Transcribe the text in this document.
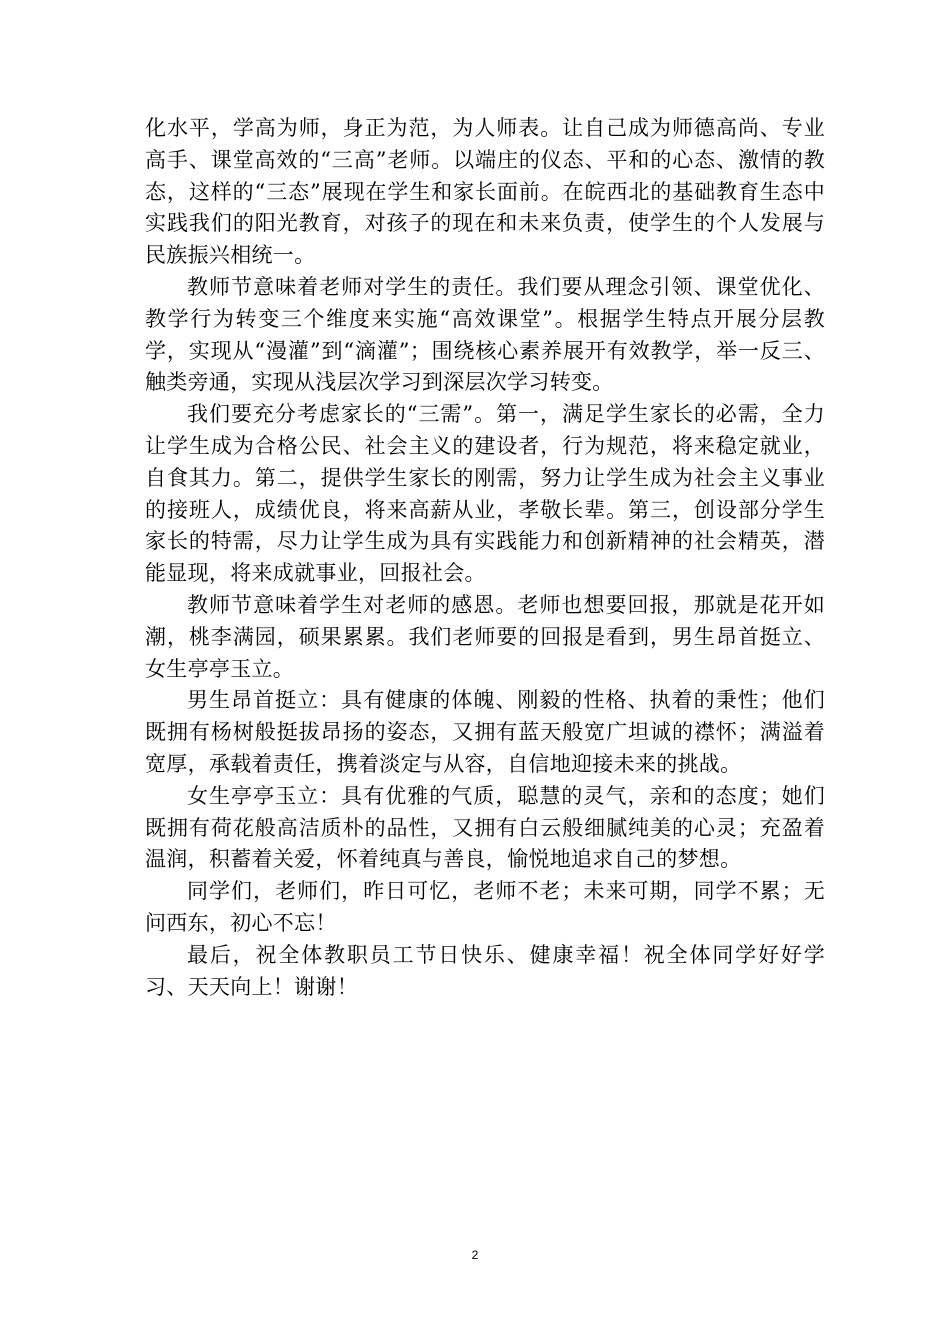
化水平，学高为师，身正为范，为人师表。让自己成为师德高尚、专业高手、课堂高效的“三高”老师。以端庄的仪态、平和的心态、激情的教态，这样的“三态”展现在学生和家长面前。在皖西北的基础教育生态中实践我们的阳光教育，对孩子的现在和未来负责，使学生的个人发展与民族振兴相统一。

教师节意味着老师对学生的责任。我们要从理念引领、课堂优化、教学行为转变三个维度来实施“高效课堂”。根据学生特点开展分层教学，实现从“漫灌”到“滴灌”；围绕核心素养展开有效教学，举一反三、触类旁通，实现从浅层次学习到深层次学习转变。

我们要充分考虑家长的“三需”。第一，满足学生家长的必需，全力让学生成为合格公民、社会主义的建设者，行为规范，将来稳定就业，自食其力。第二，提供学生家长的刚需，努力让学生成为社会主义事业的接班人，成绩优良，将来高薪从业，孝敬长辈。第三，创设部分学生家长的特需，尽力让学生成为具有实践能力和创新精神的社会精英，潜能显现，将来成就事业，回报社会。

教师节意味着学生对老师的感恩。老师也想要回报，那就是花开如潮，桃李满园，硕果累累。我们老师要的回报是看到，男生昂首挺立、女生亭亭玉立。

男生昂首挺立：具有健康的体魄、刚毅的性格、执着的秉性；他们既拥有杨树般挺拔昂扬的姿态，又拥有蓝天般宽广坦诚的襟怀；满溢着宽厚，承载着责任，携着淡定与从容，自信地迎接未来的挑战。

女生亭亭玉立：具有优雅的气质，聪慧的灵气，亲和的态度；她们既拥有荷花般高洁质朴的品性，又拥有白云般细腻纯美的心灵；充盈着温润，积蓄着关爱，怀着纯真与善良，愉悦地追求自己的梦想。

同学们，老师们，昨日可忆，老师不老；未来可期，同学不累；无问西东，初心不忘！

最后，祝全体教职员工节日快乐、健康幸福！祝全体同学好好学习、天天向上！谢谢！

2
